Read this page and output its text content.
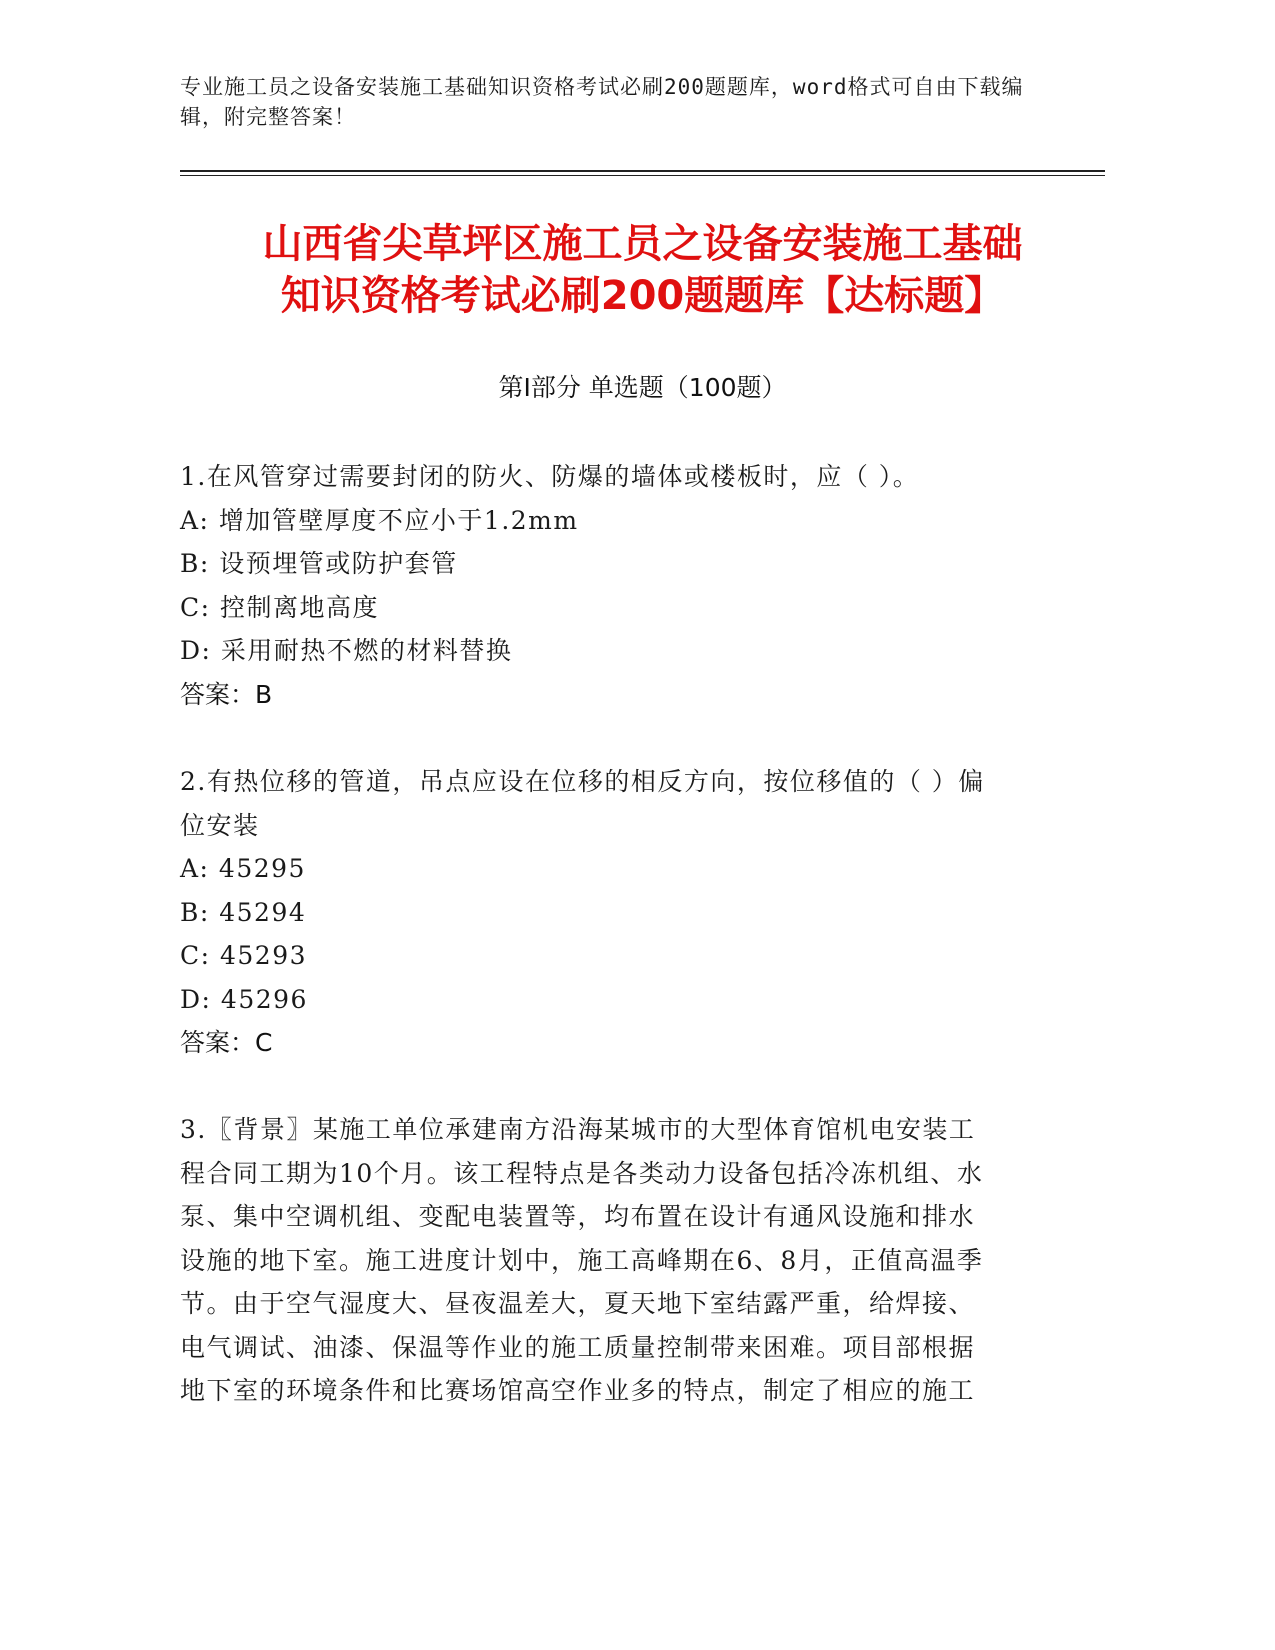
专业施工员之设备安装施工基础知识资格考试必刷200题题库，word格式可自由下载编辑，附完整答案！
山西省尖草坪区施工员之设备安装施工基础
知识资格考试必刷200题题库【达标题】
第I部分 单选题（100题）
1.在风管穿过需要封闭的防火、防爆的墙体或楼板时，应（ ）。
A: 增加管壁厚度不应小于1.2mm
B: 设预埋管或防护套管
C: 控制离地高度
D: 采用耐热不燃的材料替换
答案：B
2.有热位移的管道，吊点应设在位移的相反方向，按位移值的（ ）偏
位安装
A: 45295
B: 45294
C: 45293
D: 45296
答案：C
3.〖背景〗某施工单位承建南方沿海某城市的大型体育馆机电安装工
程合同工期为10个月。该工程特点是各类动力设备包括冷冻机组、水
泵、集中空调机组、变配电装置等，均布置在设计有通风设施和排水
设施的地下室。施工进度计划中，施工高峰期在6、8月，正值高温季
节。由于空气湿度大、昼夜温差大，夏天地下室结露严重，给焊接、
电气调试、油漆、保温等作业的施工质量控制带来困难。项目部根据
地下室的环境条件和比赛场馆高空作业多的特点，制定了相应的施工
